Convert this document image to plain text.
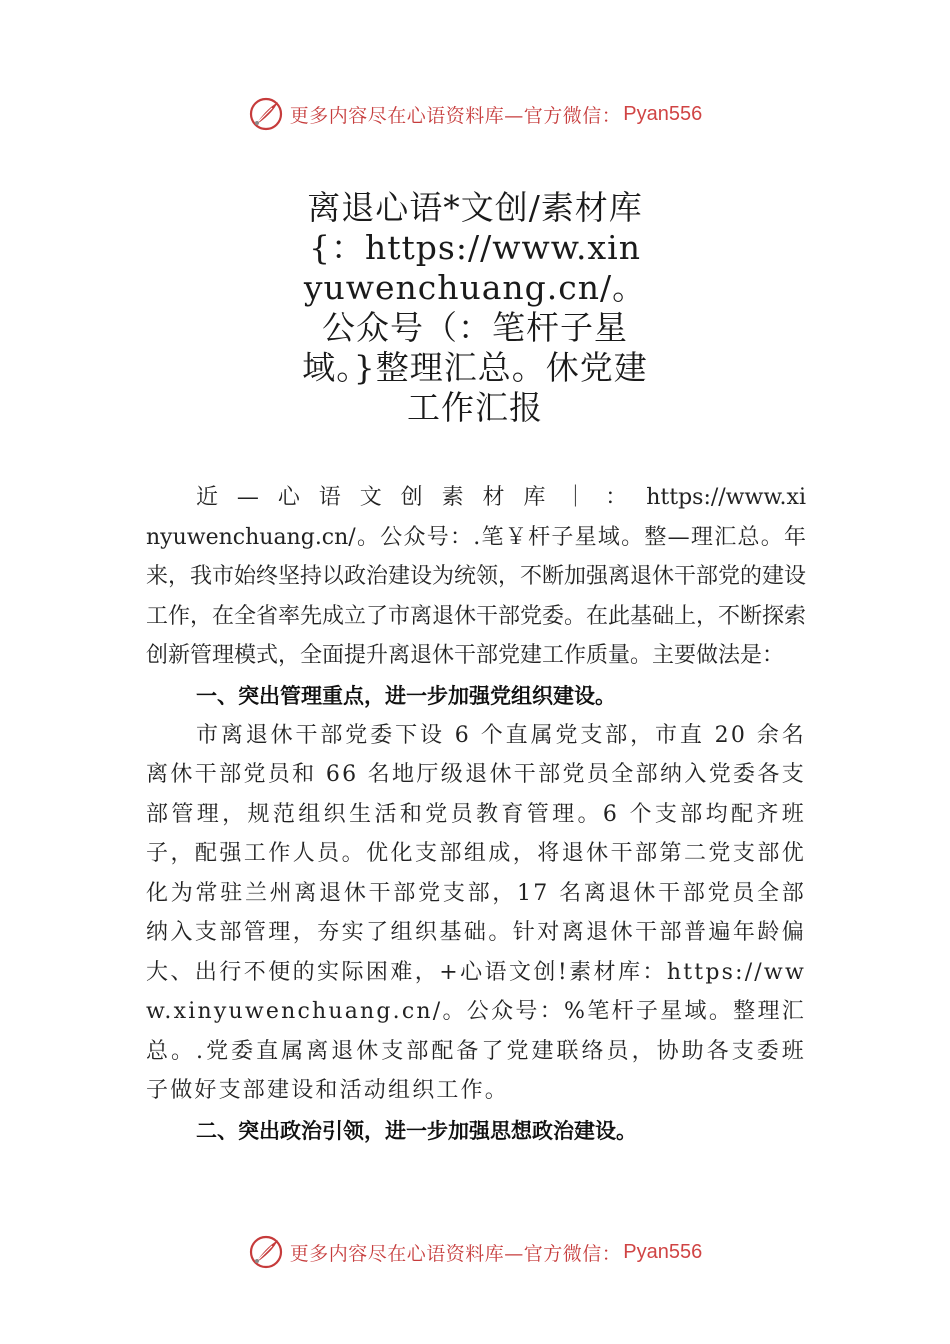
更多内容尽在心语资料库—官方微信： Pyan556
离退心语*文创/素材库{：https://www.xinyuwenchuang.cn/。公众号（：笔杆子星域。}整理汇总。休党建工作汇报

近—心语文创素材库｜：https://www.xinyuwenchuang.cn/。公众号：.笔￥杆子星域。整—理汇总。年来，我市始终坚持以政治建设为统领，不断加强离退休干部党的建设工作，在全省率先成立了市离退休干部党委。在此基础上，不断探索创新管理模式，全面提升离退休干部党建工作质量。主要做法是：

一、突出管理重点，进一步加强党组织建设。

市离退休干部党委下设 6 个直属党支部，市直 20 余名离休干部党员和 66 名地厅级退休干部党员全部纳入党委各支部管理，规范组织生活和党员教育管理。6 个支部均配齐班子，配强工作人员。优化支部组成，将退休干部第二党支部优化为常驻兰州离退休干部党支部，17 名离退休干部党员全部纳入支部管理，夯实了组织基础。针对离退休干部普遍年龄偏大、出行不便的实际困难，+心语文创!素材库：https://www.xinyuwenchuang.cn/。公众号：%笔杆子星域。整理汇总。.党委直属离退休支部配备了党建联络员，协助各支委班子做好支部建设和活动组织工作。

二、突出政治引领，进一步加强思想政治建设。

更多内容尽在心语资料库—官方微信： Pyan556
